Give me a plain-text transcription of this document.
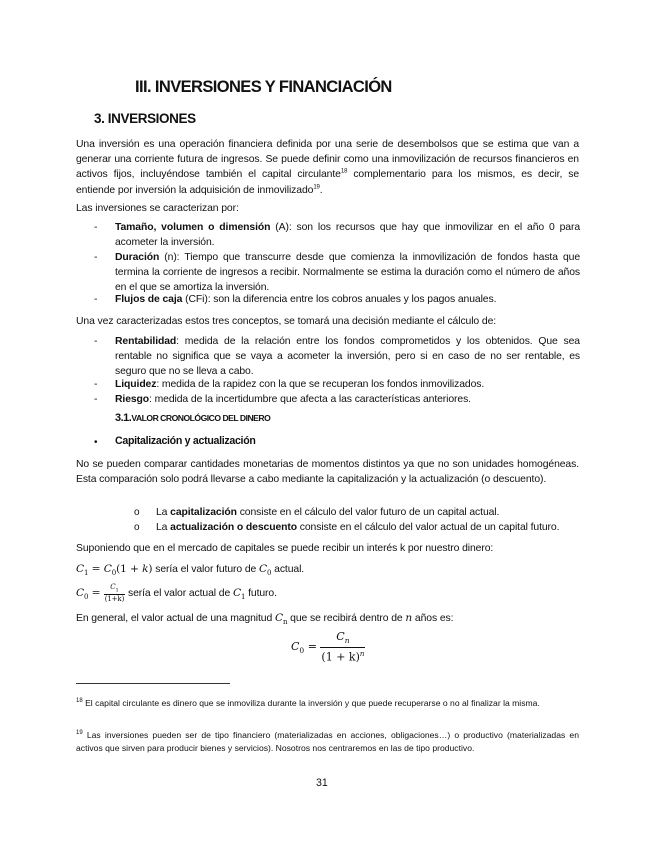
III. INVERSIONES Y FINANCIACIÓN
3. INVERSIONES
Una inversión es una operación financiera definida por una serie de desembolsos que se estima que van a generar una corriente futura de ingresos. Se puede definir como una inmovilización de recursos financieros en activos fijos, incluyéndose también el capital circulante$^{18}$ complementario para los mismos, es decir, se entiende por inversión la adquisición de inmovilizado$^{19}$.
Las inversiones se caracterizan por:
- Tamaño, volumen o dimensión (A): son los recursos que hay que inmovilizar en el año 0 para acometer la inversión.
- Duración (n): Tiempo que transcurre desde que comienza la inmovilización de fondos hasta que termina la corriente de ingresos a recibir. Normalmente se estima la duración como el número de años en el que se amortiza la inversión.
- Flujos de caja (CFi): son la diferencia entre los cobros anuales y los pagos anuales.
Una vez caracterizadas estos tres conceptos, se tomará una decisión mediante el cálculo de:
- Rentabilidad: medida de la relación entre los fondos comprometidos y los obtenidos. Que sea rentable no significa que se vaya a acometer la inversión, pero si en caso de no ser rentable, es seguro que no se lleva a cabo.
- Liquidez: medida de la rapidez con la que se recuperan los fondos inmovilizados.
- Riesgo: medida de la incertidumbre que afecta a las características anteriores.
3.1.VALOR CRONOLÓGICO DEL DINERO
• Capitalización y actualización
No se pueden comparar cantidades monetarias de momentos distintos ya que no son unidades homogéneas. Esta comparación solo podrá llevarse a cabo mediante la capitalización y la actualización (o descuento).
o La capitalización consiste en el cálculo del valor futuro de un capital actual.
o La actualización o descuento consiste en el cálculo del valor actual de un capital futuro.
Suponiendo que en el mercado de capitales se puede recibir un interés k por nuestro dinero:
$C_1 = C_0(1 + k)$ sería el valor futuro de $C_0$ actual.
$C_0 = \frac{C_1}{(1+k)}$ sería el valor actual de $C_1$ futuro.
En general, el valor actual de una magnitud $C_n$ que se recibirá dentro de n años es:
$C_0 = \frac{C_n}{(1 + k)^n}$
$^{18}$ El capital circulante es dinero que se inmoviliza durante la inversión y que puede recuperarse o no al finalizar la misma.
$^{19}$ Las inversiones pueden ser de tipo financiero (materializadas en acciones, obligaciones…) o productivo (materializadas en activos que sirven para producir bienes y servicios). Nosotros nos centraremos en las de tipo productivo.
31
